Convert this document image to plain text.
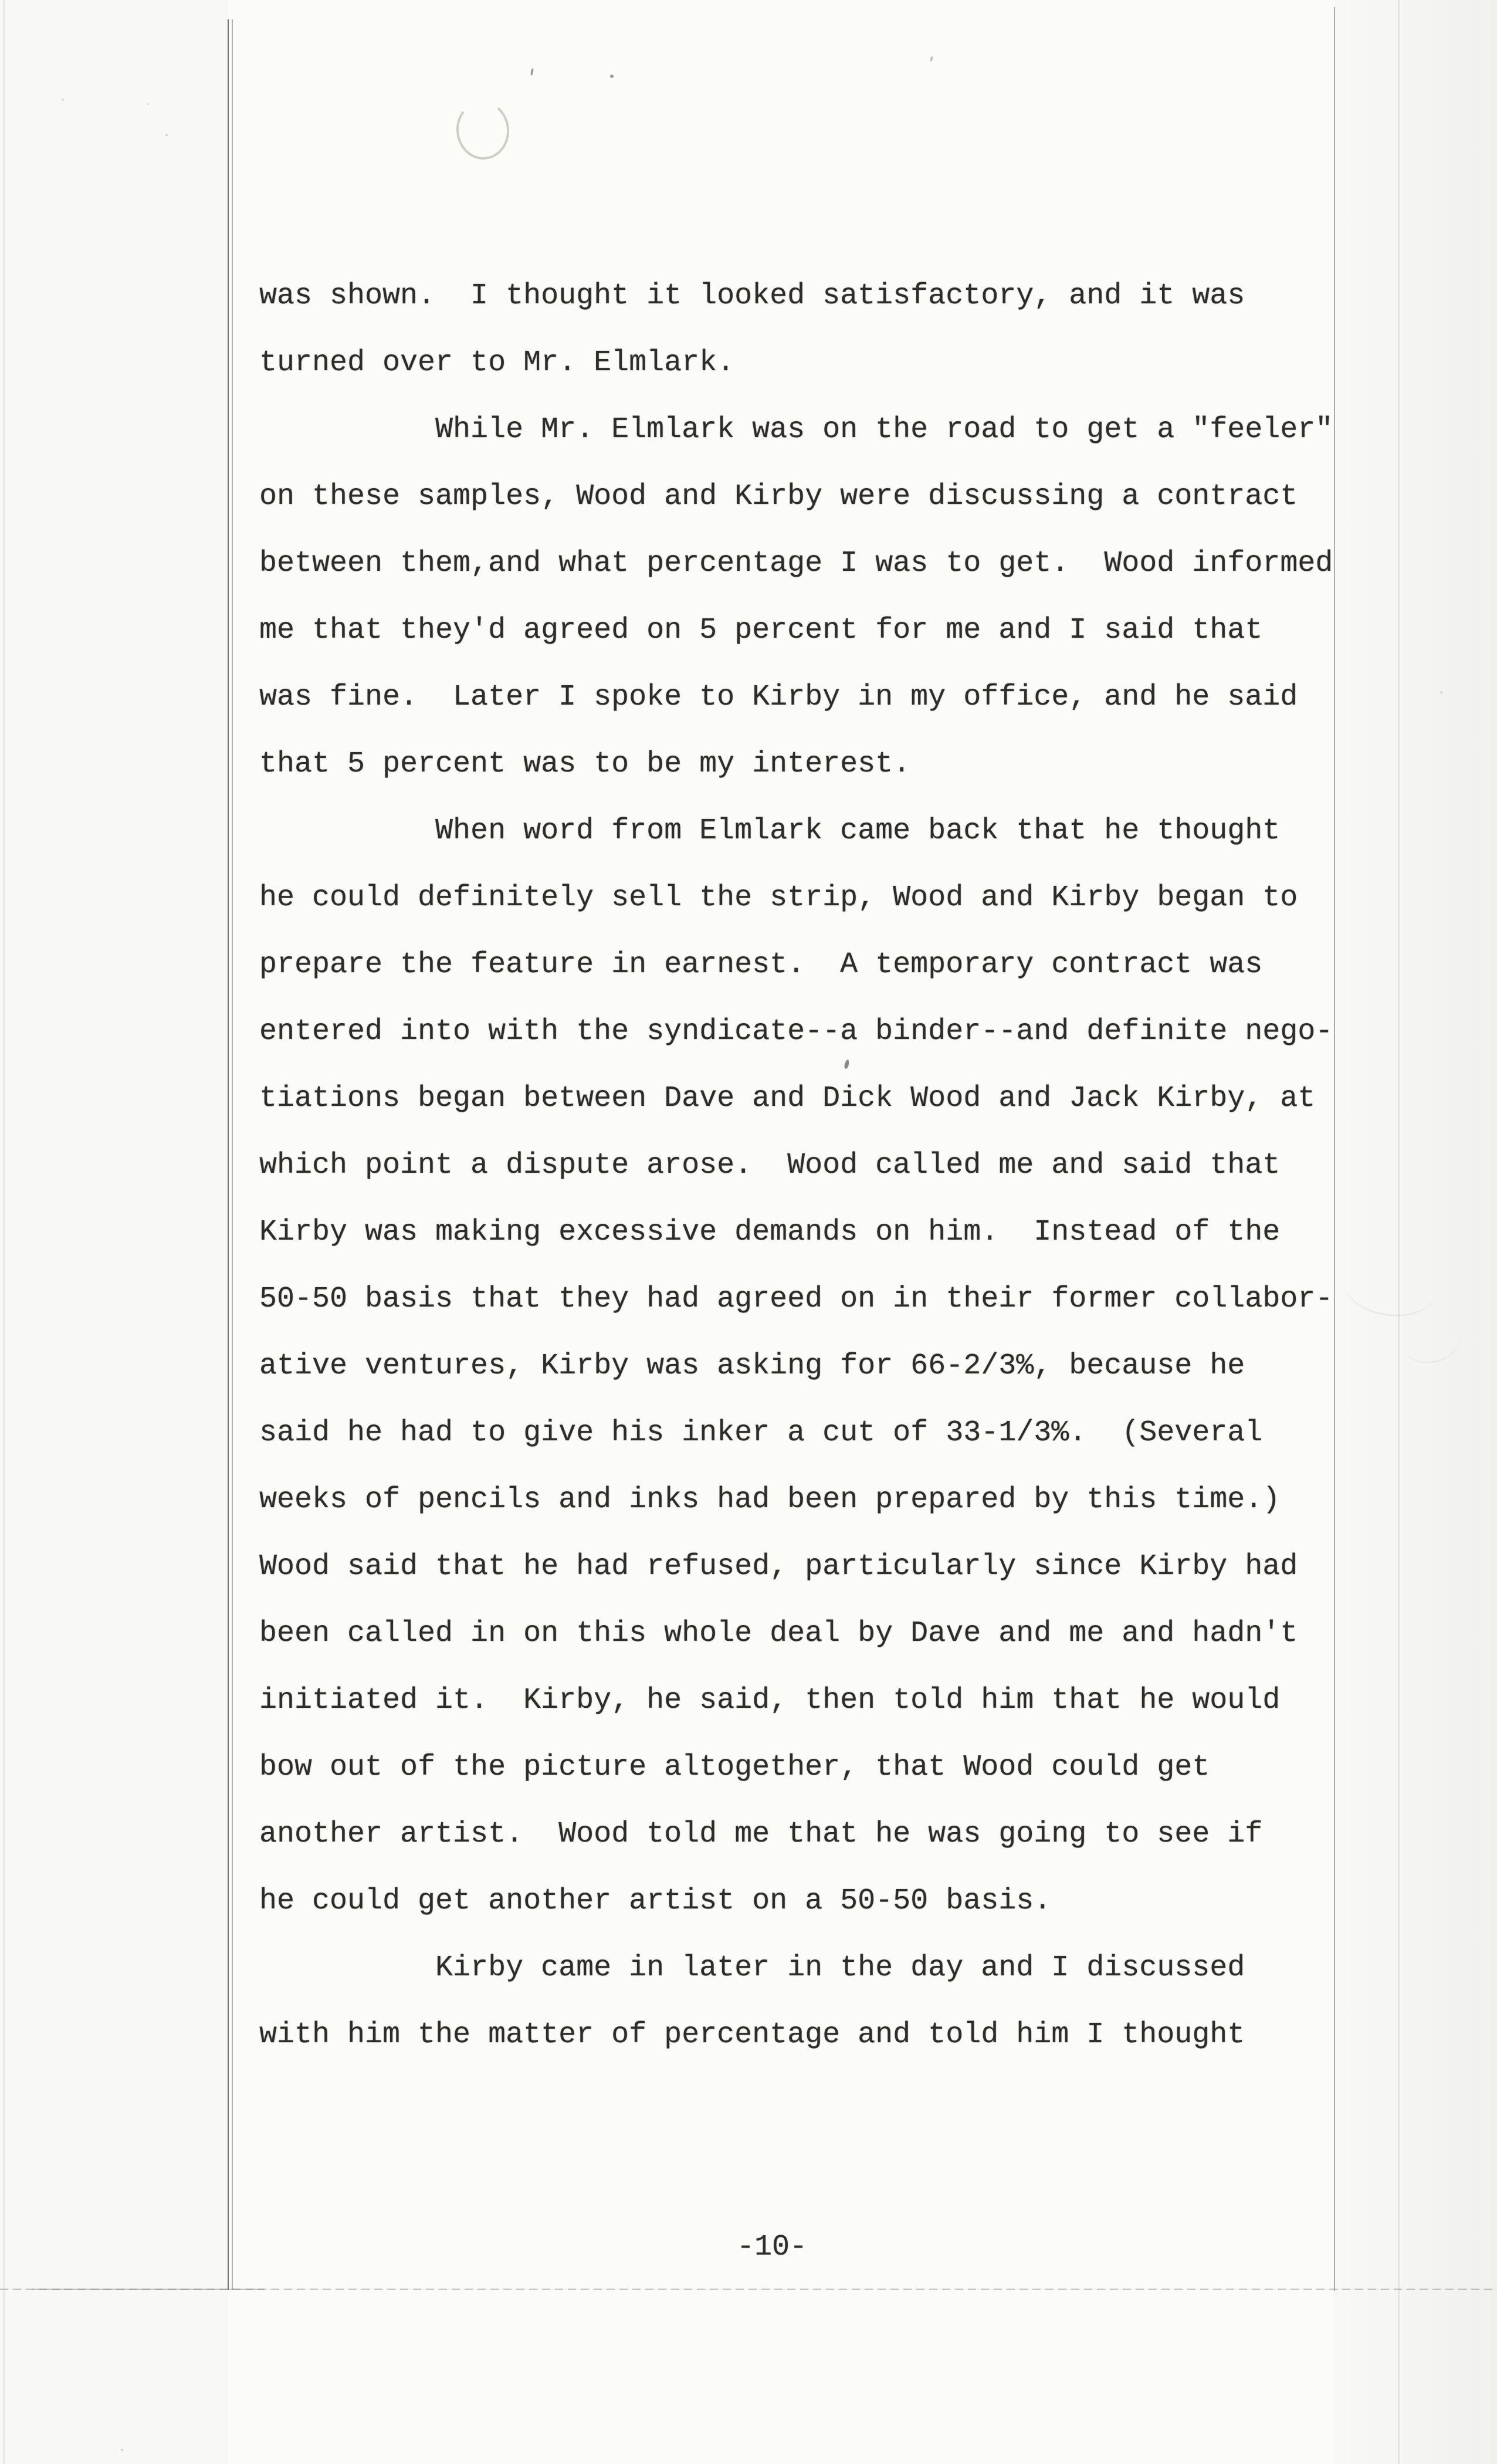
was shown.  I thought it looked satisfactory, and it was
turned over to Mr. Elmlark.
While Mr. Elmlark was on the road to get a "feeler"
on these samples, Wood and Kirby were discussing a contract
between them,and what percentage I was to get.  Wood informed
me that they'd agreed on 5 percent for me and I said that
was fine.  Later I spoke to Kirby in my office, and he said
that 5 percent was to be my interest.
When word from Elmlark came back that he thought
he could definitely sell the strip, Wood and Kirby began to
prepare the feature in earnest.  A temporary contract was
entered into with the syndicate--a binder--and definite nego-
tiations began between Dave and Dick Wood and Jack Kirby, at
which point a dispute arose.  Wood called me and said that
Kirby was making excessive demands on him.  Instead of the
50-50 basis that they had agreed on in their former collabor-
ative ventures, Kirby was asking for 66-2/3%, because he
said he had to give his inker a cut of 33-1/3%.  (Several
weeks of pencils and inks had been prepared by this time.)
Wood said that he had refused, particularly since Kirby had
been called in on this whole deal by Dave and me and hadn't
initiated it.  Kirby, he said, then told him that he would
bow out of the picture altogether, that Wood could get
another artist.  Wood told me that he was going to see if
he could get another artist on a 50-50 basis.
Kirby came in later in the day and I discussed
with him the matter of percentage and told him I thought
-10-
